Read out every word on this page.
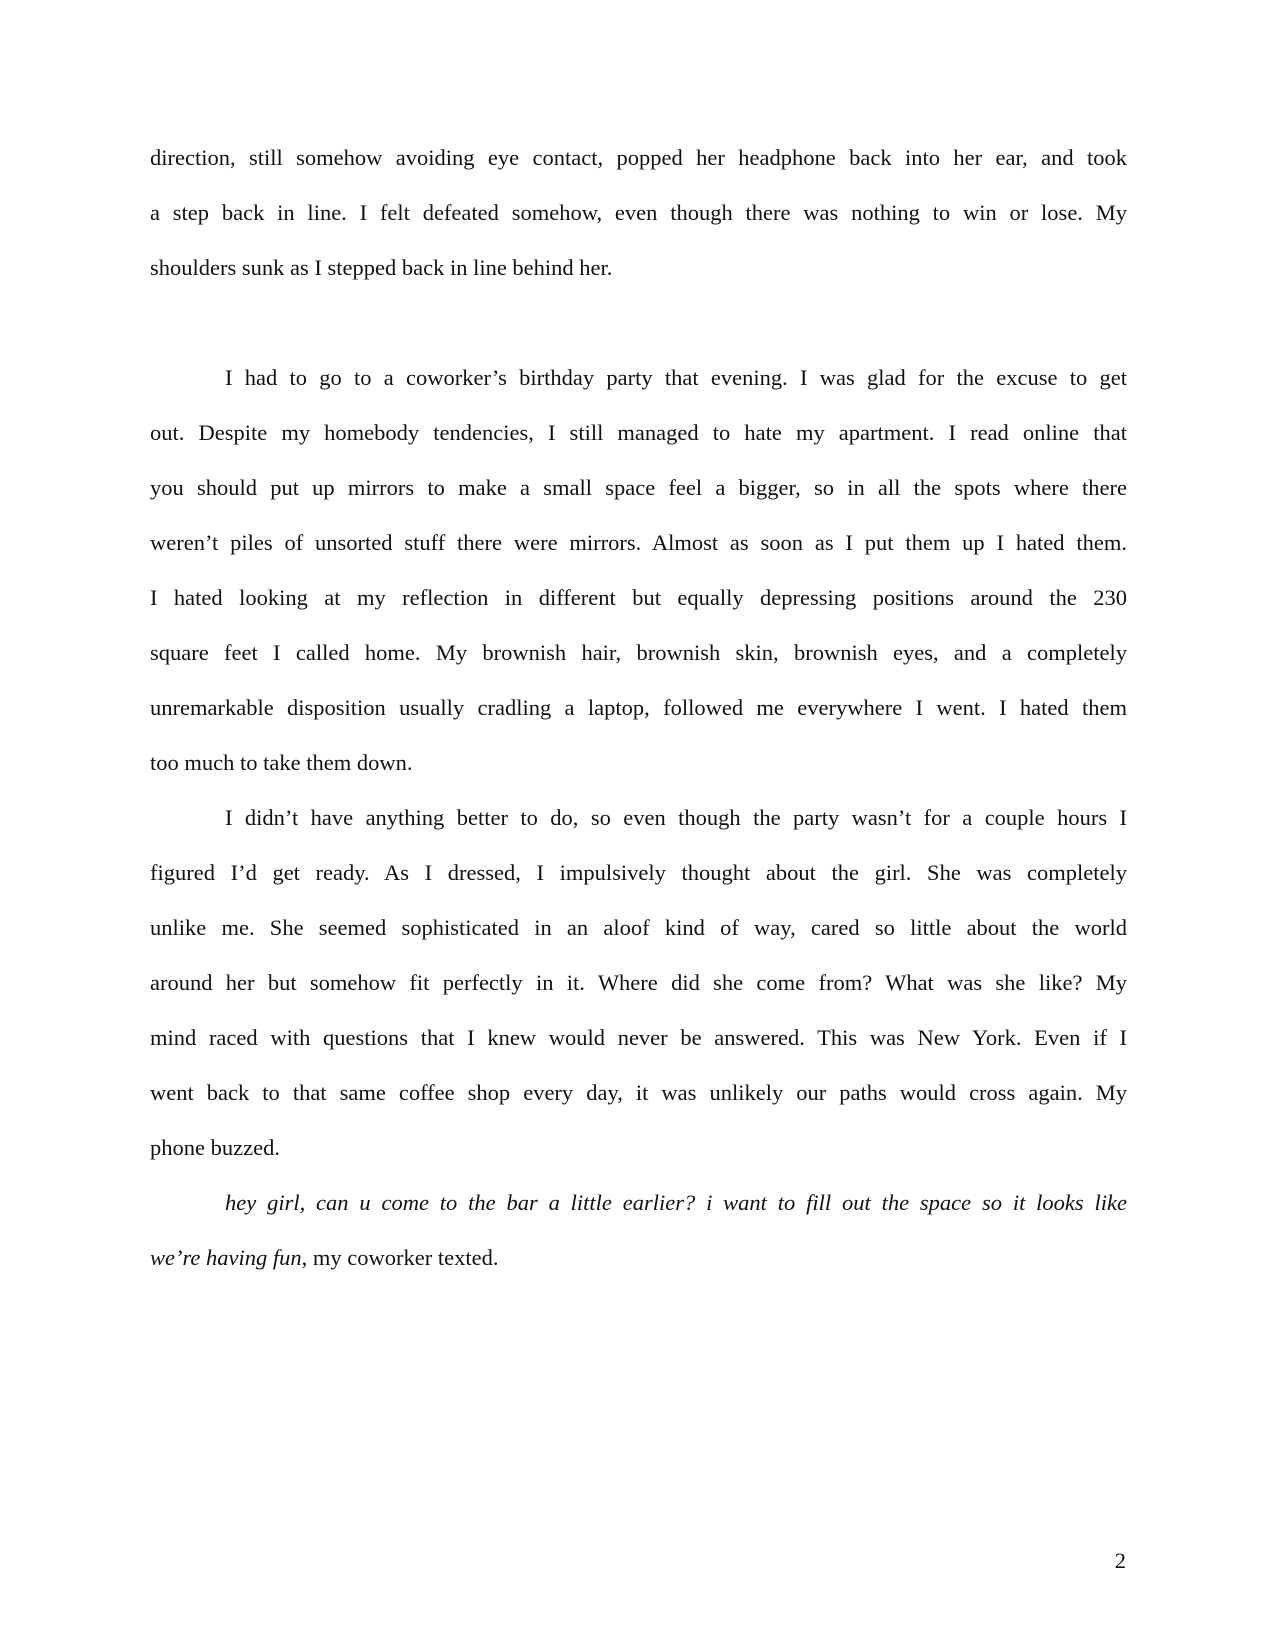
direction, still somehow avoiding eye contact, popped her headphone back into her ear, and took

a step back in line. I felt defeated somehow, even though there was nothing to win or lose. My

shoulders sunk as I stepped back in line behind her.

I had to go to a coworker’s birthday party that evening. I was glad for the excuse to get

out. Despite my homebody tendencies, I still managed to hate my apartment. I read online that

you should put up mirrors to make a small space feel a bigger, so in all the spots where there

weren’t piles of unsorted stuff there were mirrors. Almost as soon as I put them up I hated them.

I hated looking at my reflection in different but equally depressing positions around the 230

square feet I called home. My brownish hair, brownish skin, brownish eyes, and a completely

unremarkable disposition usually cradling a laptop, followed me everywhere I went. I hated them

too much to take them down.

I didn’t have anything better to do, so even though the party wasn’t for a couple hours I

figured I’d get ready. As I dressed, I impulsively thought about the girl. She was completely

unlike me. She seemed sophisticated in an aloof kind of way, cared so little about the world

around her but somehow fit perfectly in it. Where did she come from? What was she like? My

mind raced with questions that I knew would never be answered. This was New York. Even if I

went back to that same coffee shop every day, it was unlikely our paths would cross again. My

phone buzzed.

hey girl, can u come to the bar a little earlier? i want to fill out the space so it looks like

we’re having fun, my coworker texted.

2
